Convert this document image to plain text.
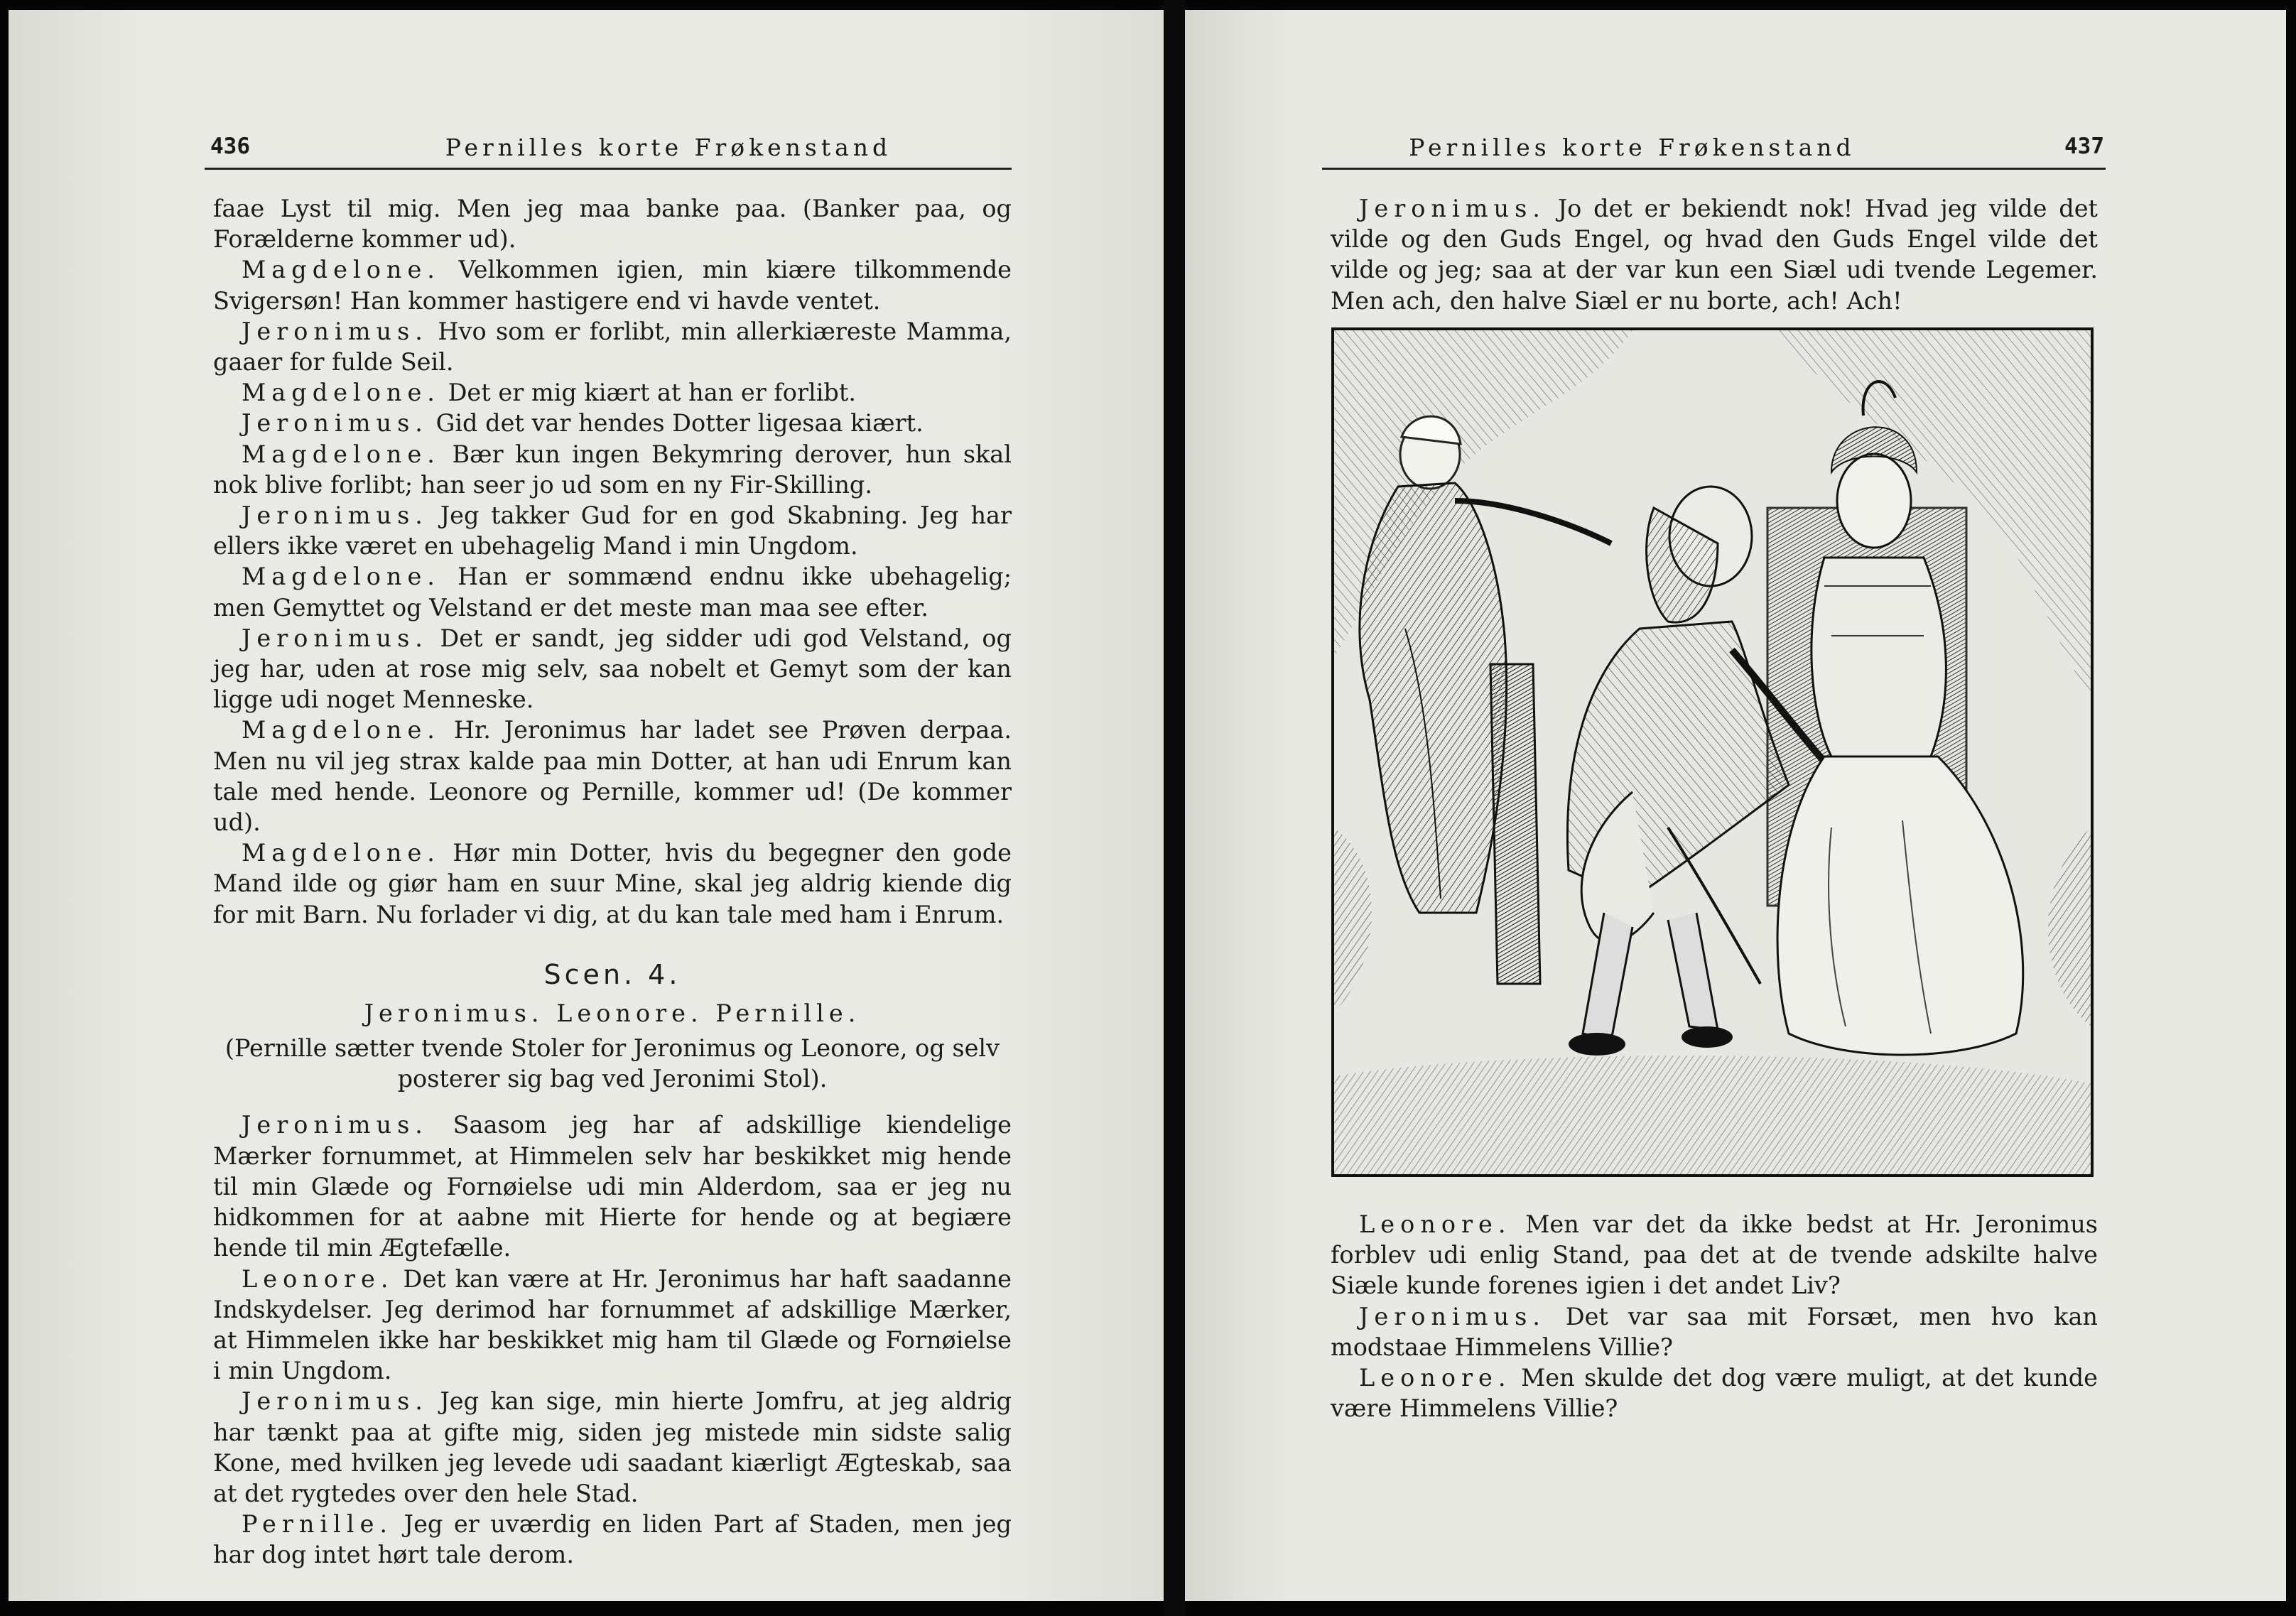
436	Pernilles korte Frøkenstand

faae Lyst til mig. Men jeg maa banke paa. (Banker paa, og Forælderne kommer ud).

Magdelone. Velkommen igien, min kiære tilkommende Svigersøn! Han kommer hastigere end vi havde ventet.

Jeronimus. Hvo som er forlibt, min allerkiæreste Mamma, gaaer for fulde Seil.

Magdelone. Det er mig kiært at han er forlibt.

Jeronimus. Gid det var hendes Dotter ligesaa kiært.

Magdelone. Bær kun ingen Bekymring derover, hun skal nok blive forlibt; han seer jo ud som en ny Fir-Skilling.

Jeronimus. Jeg takker Gud for en god Skabning. Jeg har ellers ikke været en ubehagelig Mand i min Ungdom.

Magdelone. Han er sommænd endnu ikke ubehagelig; men Gemyttet og Velstand er det meste man maa see efter.

Jeronimus. Det er sandt, jeg sidder udi god Velstand, og jeg har, uden at rose mig selv, saa nobelt et Gemyt som der kan ligge udi noget Menneske.

Magdelone. Hr. Jeronimus har ladet see Prøven derpaa. Men nu vil jeg strax kalde paa min Dotter, at han udi Enrum kan tale med hende. Leonore og Pernille, kommer ud! (De kommer ud).

Magdelone. Hør min Dotter, hvis du begegner den gode Mand ilde og giør ham en suur Mine, skal jeg aldrig kiende dig for mit Barn. Nu forlader vi dig, at du kan tale med ham i Enrum.

Scen. 4.
Jeronimus. Leonore. Pernille.
(Pernille sætter tvende Stoler for Jeronimus og Leonore, og selv posterer sig bag ved Jeronimi Stol).

Jeronimus. Saasom jeg har af adskillige kiendelige Mærker fornummet, at Himmelen selv har beskikket mig hende til min Glæde og Fornøielse udi min Alderdom, saa er jeg nu hidkommen for at aabne mit Hierte for hende og at begiære hende til min Ægtefælle.

Leonore. Det kan være at Hr. Jeronimus har haft saadanne Indskydelser. Jeg derimod har fornummet af adskillige Mærker, at Himmelen ikke har beskikket mig ham til Glæde og Fornøielse i min Ungdom.

Jeronimus. Jeg kan sige, min hierte Jomfru, at jeg aldrig har tænkt paa at gifte mig, siden jeg mistede min sidste salig Kone, med hvilken jeg levede udi saadant kiærligt Ægteskab, saa at det rygtedes over den hele Stad.

Pernille. Jeg er uværdig en liden Part af Staden, men jeg har dog intet hørt tale derom.

Pernilles korte Frøkenstand	437

Jeronimus. Jo det er bekiendt nok! Hvad jeg vilde det vilde og den Guds Engel, og hvad den Guds Engel vilde det vilde og jeg; saa at der var kun een Siæl udi tvende Legemer. Men ach, den halve Siæl er nu borte, ach! Ach!

Leonore. Men var det da ikke bedst at Hr. Jeronimus forblev udi enlig Stand, paa det at de tvende adskilte halve Siæle kunde forenes igien i det andet Liv?

Jeronimus. Det var saa mit Forsæt, men hvo kan modstaae Himmelens Villie?

Leonore. Men skulde det dog være muligt, at det kunde være Himmelens Villie?
